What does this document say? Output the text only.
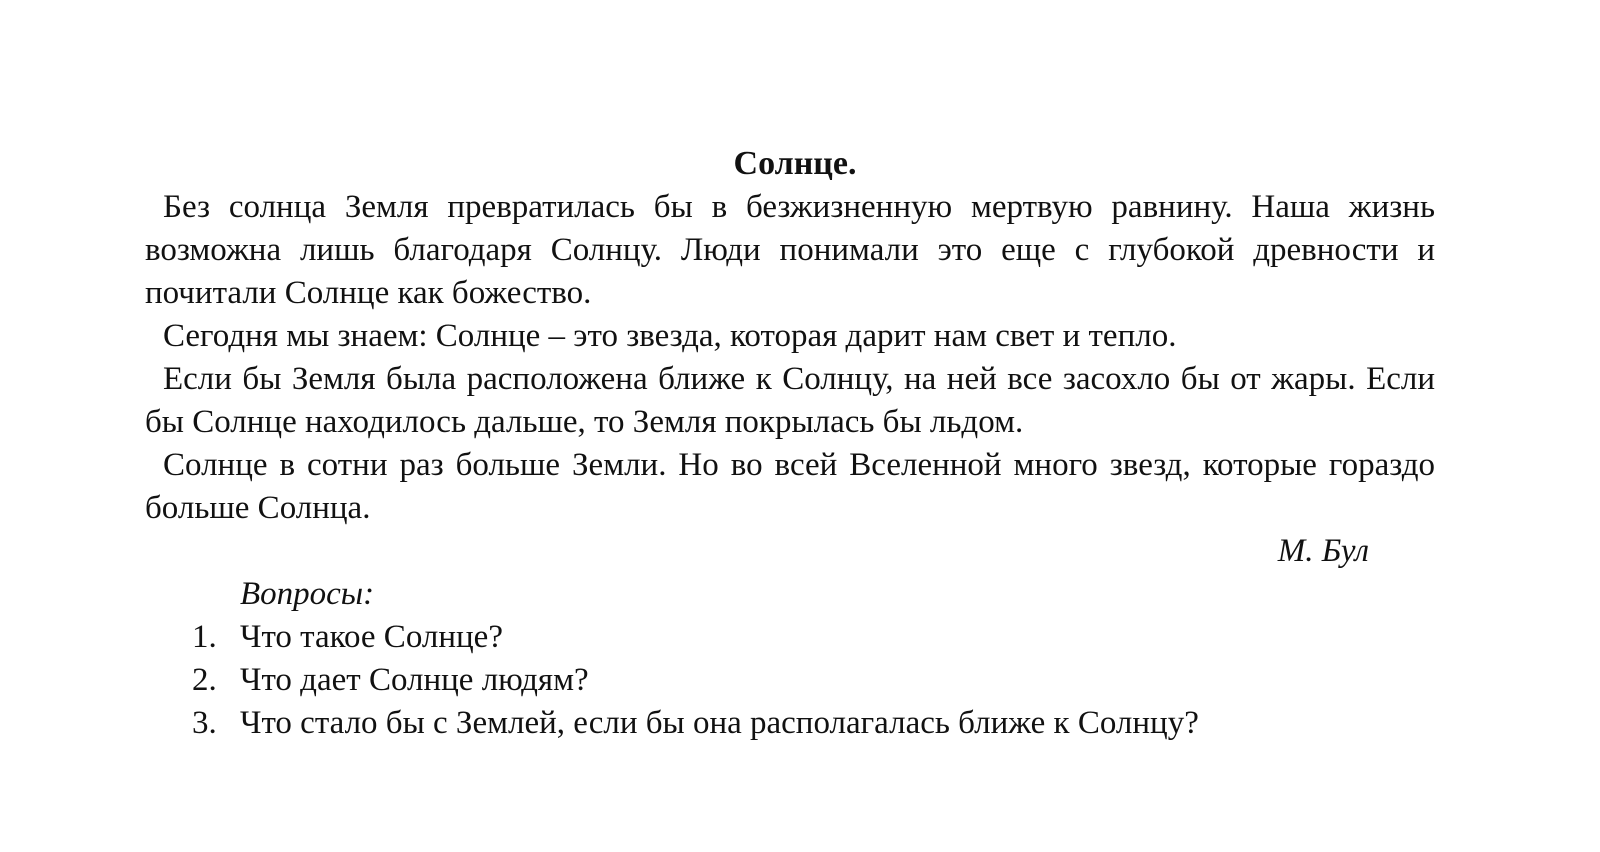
Солнце.

Без солнца Земля превратилась бы в безжизненную мертвую равнину. Наша жизнь возможна лишь благодаря Солнцу. Люди понимали это еще с глубокой древности и почитали Солнце как божество.

Сегодня мы знаем: Солнце – это звезда, которая дарит нам свет и тепло.

Если бы Земля была расположена ближе к Солнцу, на ней все засохло бы от жары. Если бы Солнце находилось дальше, то Земля покрылась бы льдом.

Солнце в сотни раз больше Земли. Но во всей Вселенной много звезд, которые гораздо больше Солнца.

М. Бул

Вопросы:

1. Что такое Солнце?
2. Что дает Солнце людям?
3. Что стало бы с Землей, если бы она располагалась ближе к Солнцу?
